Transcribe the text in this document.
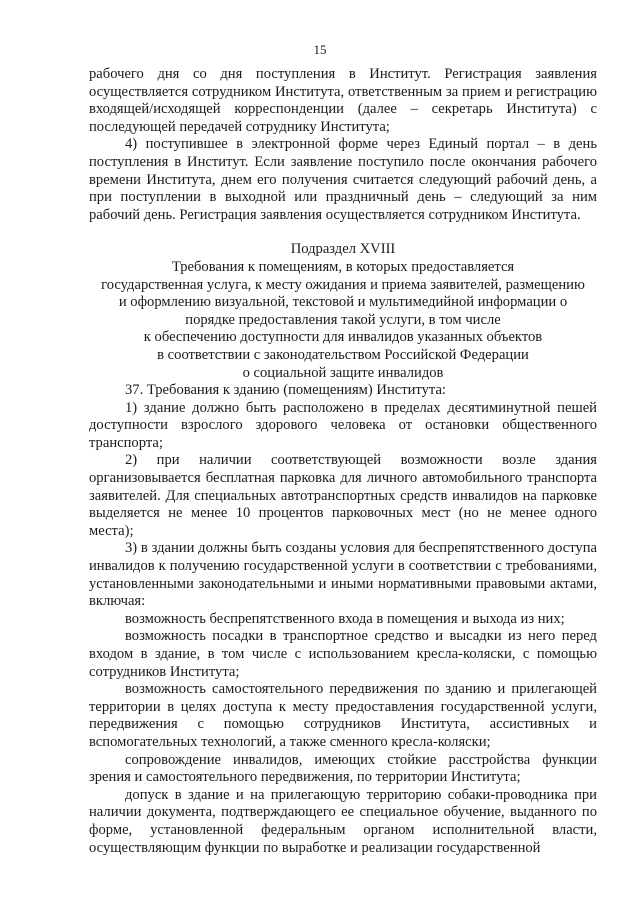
15

рабочего дня со дня поступления в Институт. Регистрация заявления осуществляется сотрудником Института, ответственным за прием и регистрацию входящей/исходящей корреспонденции (далее – секретарь Института) с последующей передачей сотруднику Института;

4) поступившее в электронной форме через Единый портал – в день поступления в Институт. Если заявление поступило после окончания рабочего времени Института, днем его получения считается следующий рабочий день, а при поступлении в выходной или праздничный день – следующий за ним рабочий день. Регистрация заявления осуществляется сотрудником Института.

Подраздел XVIII

Требования к помещениям, в которых предоставляется

государственная услуга, к месту ожидания и приема заявителей, размещению

и оформлению визуальной, текстовой и мультимедийной информации о

порядке предоставления такой услуги, в том числе

к обеспечению доступности для инвалидов указанных объектов

в соответствии с законодательством Российской Федерации

о социальной защите инвалидов

37. Требования к зданию (помещениям) Института:

1) здание должно быть расположено в пределах десятиминутной пешей доступности взрослого здорового человека от остановки общественного транспорта;

2) при наличии соответствующей возможности возле здания организовывается бесплатная парковка для личного автомобильного транспорта заявителей. Для специальных автотранспортных средств инвалидов на парковке выделяется не менее 10 процентов парковочных мест (но не менее одного места);

3) в здании должны быть созданы условия для беспрепятственного доступа инвалидов к получению государственной услуги в соответствии с требованиями, установленными законодательными и иными нормативными правовыми актами, включая:

возможность беспрепятственного входа в помещения и выхода из них;

возможность посадки в транспортное средство и высадки из него перед входом в здание, в том числе с использованием кресла-коляски, с помощью сотрудников Института;

возможность самостоятельного передвижения по зданию и прилегающей территории в целях доступа к месту предоставления государственной услуги, передвижения с помощью сотрудников Института, ассистивных и вспомогательных технологий, а также сменного кресла-коляски;

сопровождение инвалидов, имеющих стойкие расстройства функции зрения и самостоятельного передвижения, по территории Института;

допуск в здание и на прилегающую территорию собаки-проводника при наличии документа, подтверждающего ее специальное обучение, выданного по форме, установленной федеральным органом исполнительной власти, осуществляющим функции по выработке и реализации государственной
